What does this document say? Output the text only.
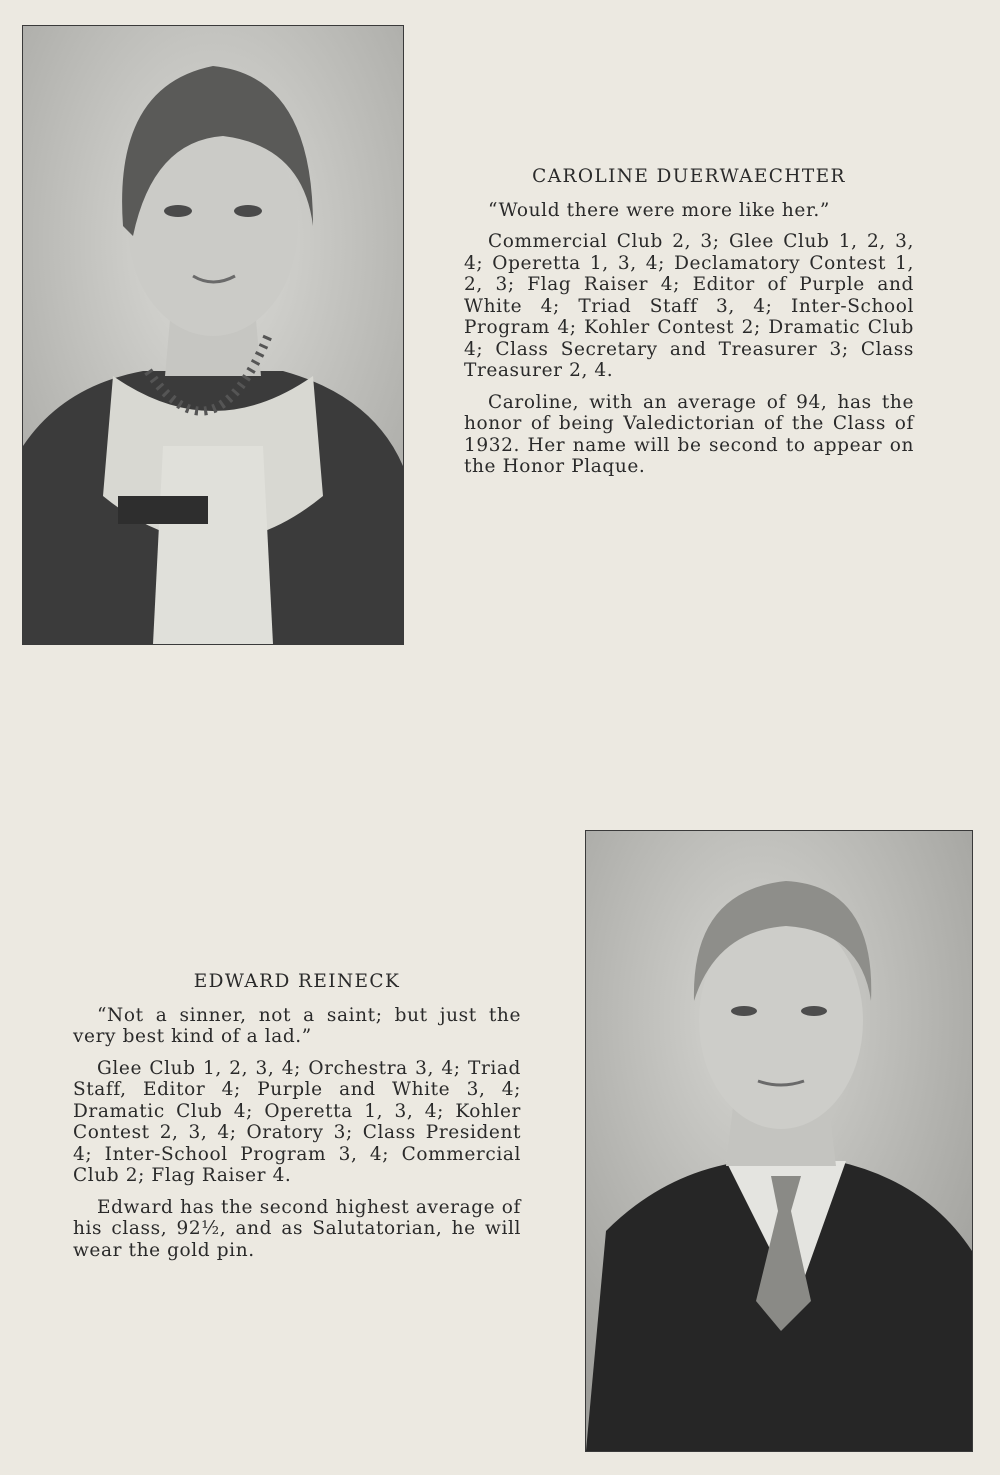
CAROLINE DUERWAECHTER

“Would there were more like her.”

Commercial Club 2, 3; Glee Club 1, 2, 3, 4; Operetta 1, 3, 4; Declamatory Contest 1, 2, 3; Flag Raiser 4; Editor of Purple and White 4; Triad Staff 3, 4; Inter-School Program 4; Kohler Contest 2; Dramatic Club 4; Class Secretary and Treasurer 3; Class Treasurer 2, 4.

Caroline, with an average of 94, has the honor of being Valedictorian of the Class of 1932. Her name will be second to appear on the Honor Plaque.

EDWARD REINECK

“Not a sinner, not a saint; but just the very best kind of a lad.”

Glee Club 1, 2, 3, 4; Orchestra 3, 4; Triad Staff, Editor 4; Purple and White 3, 4; Dramatic Club 4; Operetta 1, 3, 4; Kohler Contest 2, 3, 4; Oratory 3; Class President 4; Inter-School Program 3, 4; Commercial Club 2; Flag Raiser 4.

Edward has the second highest average of his class, 92½, and as Salutatorian, he will wear the gold pin.
